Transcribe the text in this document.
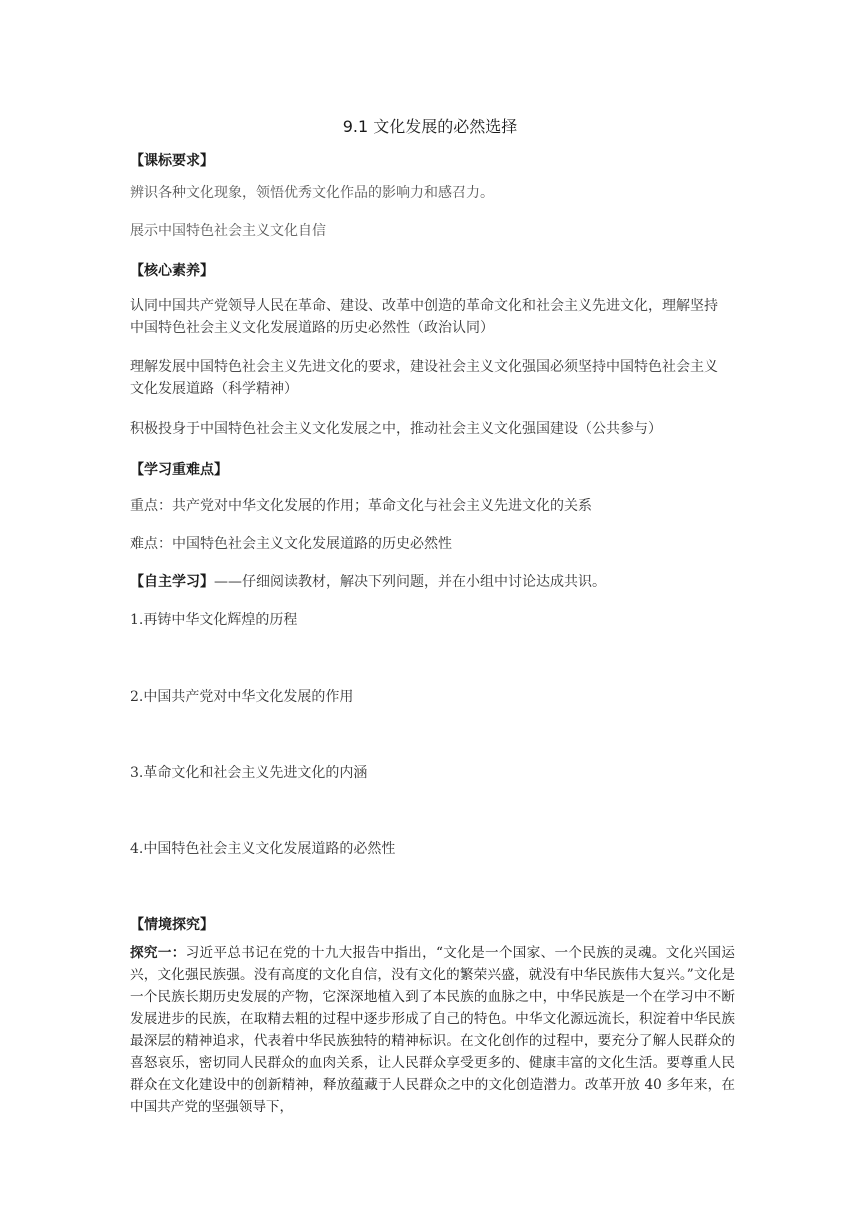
9.1 文化发展的必然选择
【课标要求】
辨识各种文化现象，领悟优秀文化作品的影响力和感召力。
展示中国特色社会主义文化自信
【核心素养】
认同中国共产党领导人民在革命、建设、改革中创造的革命文化和社会主义先进文化，理解坚持中国特色社会主义文化发展道路的历史必然性（政治认同）
理解发展中国特色社会主义先进文化的要求，建设社会主义文化强国必须坚持中国特色社会主义文化发展道路（科学精神）
积极投身于中国特色社会主义文化发展之中，推动社会主义文化强国建设（公共参与）
【学习重难点】
重点：共产党对中华文化发展的作用；革命文化与社会主义先进文化的关系
难点：中国特色社会主义文化发展道路的历史必然性
【自主学习】——仔细阅读教材，解决下列问题，并在小组中讨论达成共识。
1.再铸中华文化辉煌的历程
2.中国共产党对中华文化发展的作用
3.革命文化和社会主义先进文化的内涵
4.中国特色社会主义文化发展道路的必然性
【情境探究】
探究一：习近平总书记在党的十九大报告中指出，“文化是一个国家、一个民族的灵魂。文化兴国运兴，文化强民族强。没有高度的文化自信，没有文化的繁荣兴盛，就没有中华民族伟大复兴。”文化是一个民族长期历史发展的产物，它深深地植入到了本民族的血脉之中，中华民族是一个在学习中不断发展进步的民族，在取精去粗的过程中逐步形成了自己的特色。中华文化源远流长，积淀着中华民族最深层的精神追求，代表着中华民族独特的精神标识。在文化创作的过程中，要充分了解人民群众的喜怒哀乐，密切同人民群众的血肉关系，让人民群众享受更多的、健康丰富的文化生活。要尊重人民群众在文化建设中的创新精神，释放蕴藏于人民群众之中的文化创造潜力。改革开放 40 多年来，在中国共产党的坚强领导下，
